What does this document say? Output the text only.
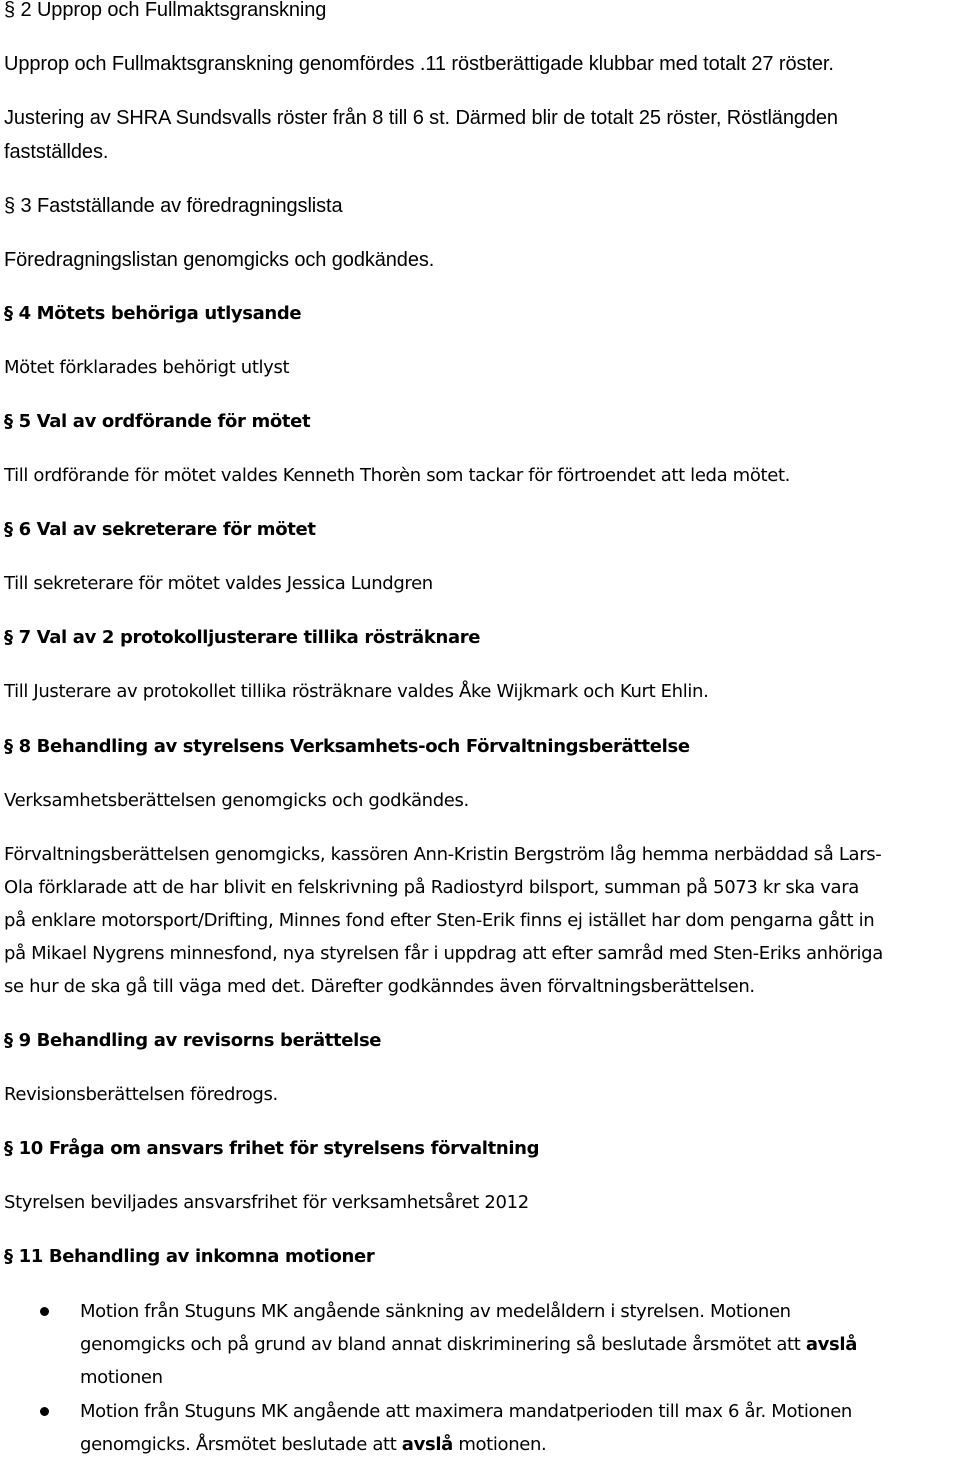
§ 2 Upprop och Fullmaktsgranskning
Upprop och Fullmaktsgranskning genomfördes .11 röstberättigade klubbar med totalt 27 röster.
Justering av SHRA Sundsvalls röster från 8 till 6 st. Därmed blir de totalt 25 röster, Röstlängden
fastställdes.
§ 3 Fastställande av föredragningslista
Föredragningslistan genomgicks och godkändes.
§ 4 Mötets behöriga utlysande
Mötet förklarades behörigt utlyst
§ 5 Val av ordförande för mötet
Till ordförande för mötet valdes Kenneth Thorèn som tackar för förtroendet att leda mötet.
§ 6 Val av sekreterare för mötet
Till sekreterare för mötet valdes Jessica Lundgren
§ 7 Val av 2 protokolljusterare tillika rösträknare
Till Justerare av protokollet tillika rösträknare valdes Åke Wijkmark och Kurt Ehlin.
§ 8 Behandling av styrelsens Verksamhets-och Förvaltningsberättelse
Verksamhetsberättelsen genomgicks och godkändes.
Förvaltningsberättelsen genomgicks, kassören Ann-Kristin Bergström låg hemma nerbäddad så Lars-
Ola förklarade att de har blivit en felskrivning på Radiostyrd bilsport, summan på 5073 kr ska vara
på enklare motorsport/Drifting, Minnes fond efter Sten-Erik finns ej istället har dom pengarna gått in
på Mikael Nygrens minnesfond, nya styrelsen får i uppdrag att efter samråd med Sten-Eriks anhöriga
se hur de ska gå till väga med det. Därefter godkänndes även förvaltningsberättelsen.
§ 9 Behandling av revisorns berättelse
Revisionsberättelsen föredrogs.
§ 10 Fråga om ansvars frihet för styrelsens förvaltning
Styrelsen beviljades ansvarsfrihet för verksamhetsåret 2012
§ 11 Behandling av inkomna motioner
Motion från Stuguns MK angående sänkning av medelåldern i styrelsen. Motionen
genomgicks och på grund av bland annat diskriminering så beslutade årsmötet att avslå
motionen
Motion från Stuguns MK angående att maximera mandatperioden till max 6 år. Motionen
genomgicks. Årsmötet beslutade att avslå motionen.
